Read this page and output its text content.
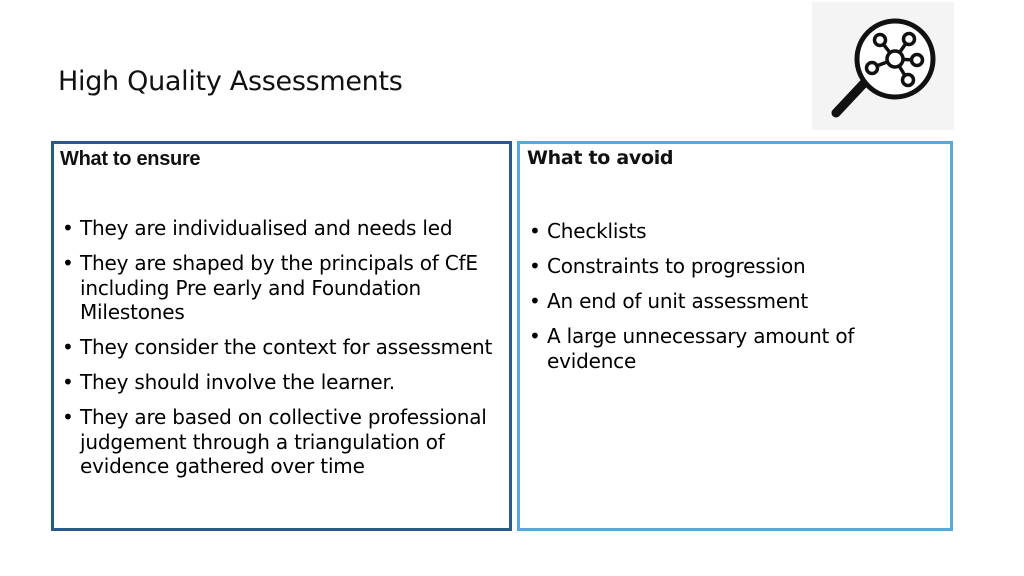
High Quality Assessments
What to ensure
• They are individualised and needs led
• They are shaped by the principals of CfE including Pre early and Foundation Milestones
• They consider the context for assessment
• They should involve the learner.
• They are based on collective professional judgement through a triangulation of evidence gathered over time
What to avoid
• Checklists
• Constraints to progression
• An end of unit assessment
• A large unnecessary amount of evidence
